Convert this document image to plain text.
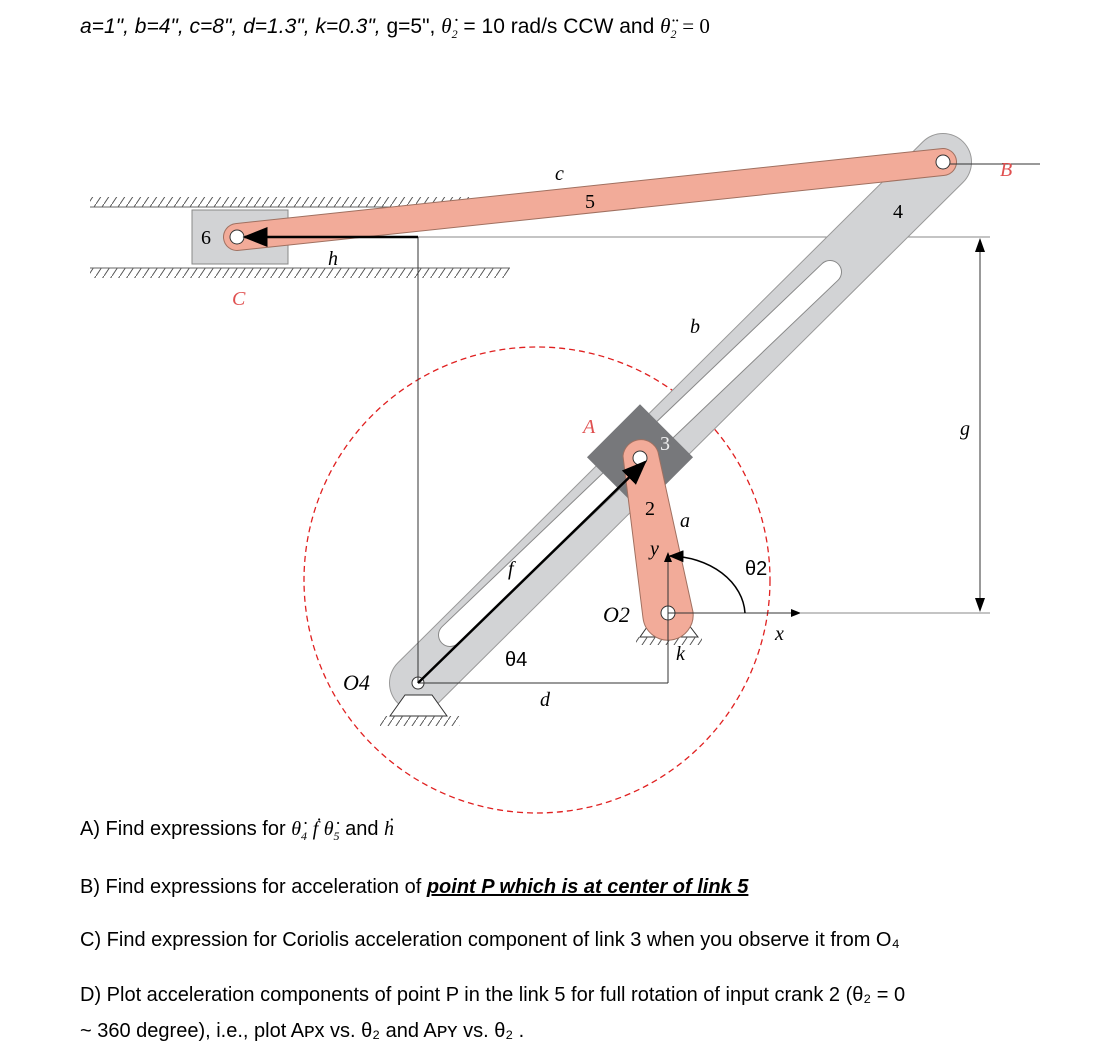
a=1", b=4", c=8", d=1.3", k=0.3", g=5", $\thetȧ_2 = 10$ rad/s CCW and $\thetä_2 = 0$
c
5	4
B
6
h
C
b
A
3
2
a
y
θ2
g
f
O2
x
θ4
O4
k
d
A) Find expressions for $\thetȧ_4$ ḟ $\thetȧ_5$ and ḣ
B) Find expressions for acceleration of point P which is at center of link 5
C) Find expression for Coriolis acceleration component of link 3 when you observe it from O₄
D) Plot acceleration components of point P in the link 5 for full rotation of input crank 2 (θ₂ = 0
~ 360 degree), i.e., plot Aᴘx vs. θ₂ and Aᴘʏ vs. θ₂ .
